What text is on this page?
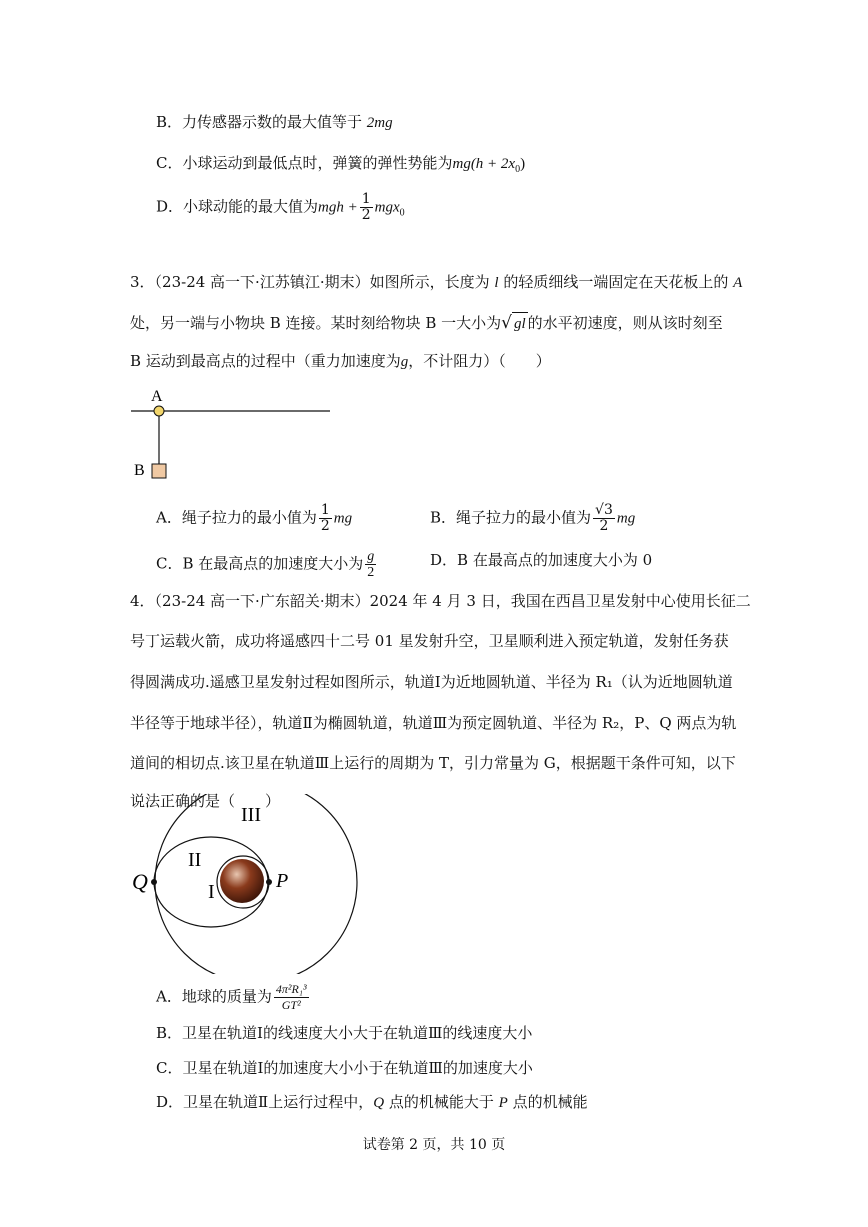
B．力传感器示数的最大值等于 2mg
C．小球运动到最低点时，弹簧的弹性势能为$mg(h + 2x_0)$
D．小球动能的最大值为mgh + $\frac{1}{2} mgx_0$
3．（23-24 高一下·江苏镇江·期末）如图所示，长度为 l 的轻质细线一端固定在天花板上的 A
处，另一端与小物块 B 连接。某时刻给物块 B 一大小为√ gl 的水平初速度，则从该时刻至
B 运动到最高点的过程中（重力加速度为g，不计阻力）（　　）
A
B
A．绳子拉力的最小值为 $\frac{1}{2}$ mg	B．绳子拉力的最小值为 $\frac{√3}{2}$ mg
C．B 在最高点的加速度大小为 $\frac{g}{2}$	D．B 在最高点的加速度大小为 0
4．（23-24 高一下·广东韶关·期末）2024 年 4 月 3 日，我国在西昌卫星发射中心使用长征二
号丁运载火箭，成功将遥感四十二号 01 星发射升空，卫星顺利进入预定轨道，发射任务获
得圆满成功.遥感卫星发射过程如图所示，轨道Ⅰ为近地圆轨道、半径为 R₁（认为近地圆轨道
半径等于地球半径），轨道Ⅱ为椭圆轨道，轨道Ⅲ为预定圆轨道、半径为 R₂，P、Q 两点为轨
道间的相切点.该卫星在轨道Ⅲ上运行的周期为 T，引力常量为 G，根据题干条件可知，以下
说法正确的是（　　）
III
II
I	P
Q
A．地球的质量为 $\frac{\text{4π²R₁³}}{\text{GT²}}$
B．卫星在轨道Ⅰ的线速度大小大于在轨道Ⅲ的线速度大小
C．卫星在轨道Ⅰ的加速度大小小于在轨道Ⅲ的加速度大小
D．卫星在轨道Ⅱ上运行过程中，Q 点的机械能大于 P 点的机械能
试卷第 2 页，共 10 页
